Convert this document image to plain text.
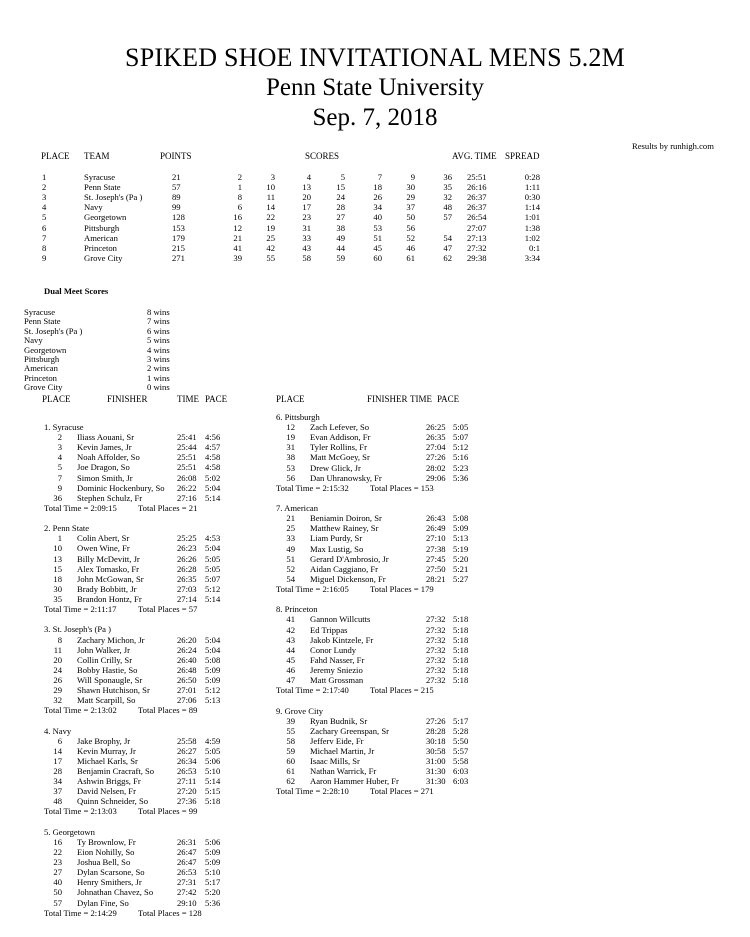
SPIKED SHOE INVITATIONAL MENS 5.2M
Penn State University
Sep. 7, 2018
Results by runhigh.com
PLACE TEAM	POINTS	SCORES	AVG. TIME SPREAD
1	Syracuse	21	2	3	4	5	7	9	36 25:51	0:28
2	Penn State	57	1	10	13	15	18	30	35 26:16	1:11
3	St. Joseph's (Pa )	89	8	11	20	24	26	29	32 26:37	0:30
4	Navy	99	6	14	17	28	34	37	48 26:37	1:14
5	Georgetown	128	16	22	23	27	40	50	57 26:54	1:01
6	Pittsburgh	153	12	19	31	38	53	56	27:07	1:38
7	American	179	21	25	33	49	51	52	54 27:13	1:02
8	Princeton	215	41	42	43	44	45	46	47 27:32	0:1
9	Grove City	271	39	55	58	59	60	61	62 29:38	3:34
Dual Meet Scores
Syracuse	8 wins
Penn State	7 wins
St. Joseph's (Pa )	6 wins
Navy	5 wins
Georgetown	4 wins
Pittsburgh	3 wins
American	2 wins
Princeton	1 wins
Grove City	0 wins
PLACE	FINISHER	TIME PACE	PLACE	FINISHER TIME PACE
1. Syracuse
2 Iliass Aouani, Sr	25:41 4:56
3 Kevin James, Jr	25:44 4:57
4 Noah Affolder, So	25:51 4:58
5 Joe Dragon, So	25:51 4:58
7 Simon Smith, Jr	26:08 5:02
9 Dominic Hockenbury, So 26:22 5:04
36 Stephen Schulz, Fr	27:16 5:14
Total Time = 2:09:15 Total Places = 21
2. Penn State
1 Colin Abert, Sr	25:25 4:53
10 Owen Wine, Fr	26:23 5:04
13 Billy McDevitt, Jr	26:26 5:05
15 Alex Tomasko, Fr	26:28 5:05
18 John McGowan, Sr	26:35 5:07
30 Brady Bobbitt, Jr	27:03 5:12
35 Brandon Hontz, Fr	27:14 5:14
Total Time = 2:11:17	Total Places = 57
3. St. Joseph's (Pa )
8 Zachary Michon, Jr	26:20 5:04
11 John Walker, Jr	26:24 5:04
20 Collin Crilly, Sr	26:40 5:08
24 Bobby Hastie, So	26:48 5:09
26 Will Sponaugle, Sr	26:50 5:09
29 Shawn Hutchison, Sr	27:01 5:12
32 Matt Scarpill, So	27:06 5:13
Total Time = 2:13:02 Total Places = 89
4. Navy
6 Jake Brophy, Jr	25:58 4:59
14 Kevin Murray, Jr	26:27 5:05
17 Michael Karls, Sr	26:34 5:06
28 Benjamin Cracraft, So	26:53 5:10
34 Ashwin Briggs, Fr	27:11 5:14
37 David Nelsen, Fr	27:20 5:15
48 Quinn Schneider, So	27:36 5:18
Total Time = 2:13:03 Total Places = 99
5. Georgetown
16 Ty Brownlow, Fr	26:31 5:06
22 Eion Nohilly, So	26:47 5:09
23 Joshua Bell, So	26:47 5:09
27 Dylan Scarsone, So	26:53 5:10
40 Henry Smithers, Jr	27:31 5:17
50 Johnathan Chavez, So	27:42 5:20
57 Dylan Fine, So	29:10 5:36
Total Time = 2:14:29 Total Places = 128
6. Pittsburgh
12 Zach Lefever, So	26:25 5:05
19 Evan Addison, Fr	26:35 5:07
31 Tyler Rollins, Fr	27:04 5:12
38 Matt McGoey, Sr	27:26 5:16
53 Drew Glick, Jr	28:02 5:23
56 Dan Uhranowsky, Fr	29:06 5:36
Total Time = 2:15:32 Total Places = 153
7. American
21 Beniamin Doiron, Sr	26:43 5:08
25 Matthew Rainey, Sr	26:49 5:09
33 Liam Purdy, Sr	27:10 5:13
49 Max Lustig, So	27:38 5:19
51 Gerard D'Ambrosio, Jr	27:45 5:20
52 Aidan Caggiano, Fr	27:50 5:21
54 Miguel Dickenson, Fr	28:21 5:27
Total Time = 2:16:05 Total Places = 179
8. Princeton
41 Gannon Willcutts	27:32 5:18
42 Ed Trippas	27:32 5:18
43 Jakob Kintzele, Fr	27:32 5:18
44 Conor Lundy	27:32 5:18
45 Fahd Nasser, Fr	27:32 5:18
46 Jeremy Sniezio	27:32 5:18
47 Matt Grossman	27:32 5:18
Total Time = 2:17:40 Total Places = 215
9. Grove City
39 Ryan Budnik, Sr	27:26 5:17
55 Zachary Greenspan, Sr	28:28 5:28
58 Jefferv Eide, Fr	30:18 5:50
59 Michael Martin, Jr	30:58 5:57
60 Isaac Mills, Sr	31:00 5:58
61 Nathan Warrick, Fr	31:30 6:03
62 Aaron Hammer Huber, Fr	31:30 6:03
Total Time = 2:28:10 Total Places = 271
